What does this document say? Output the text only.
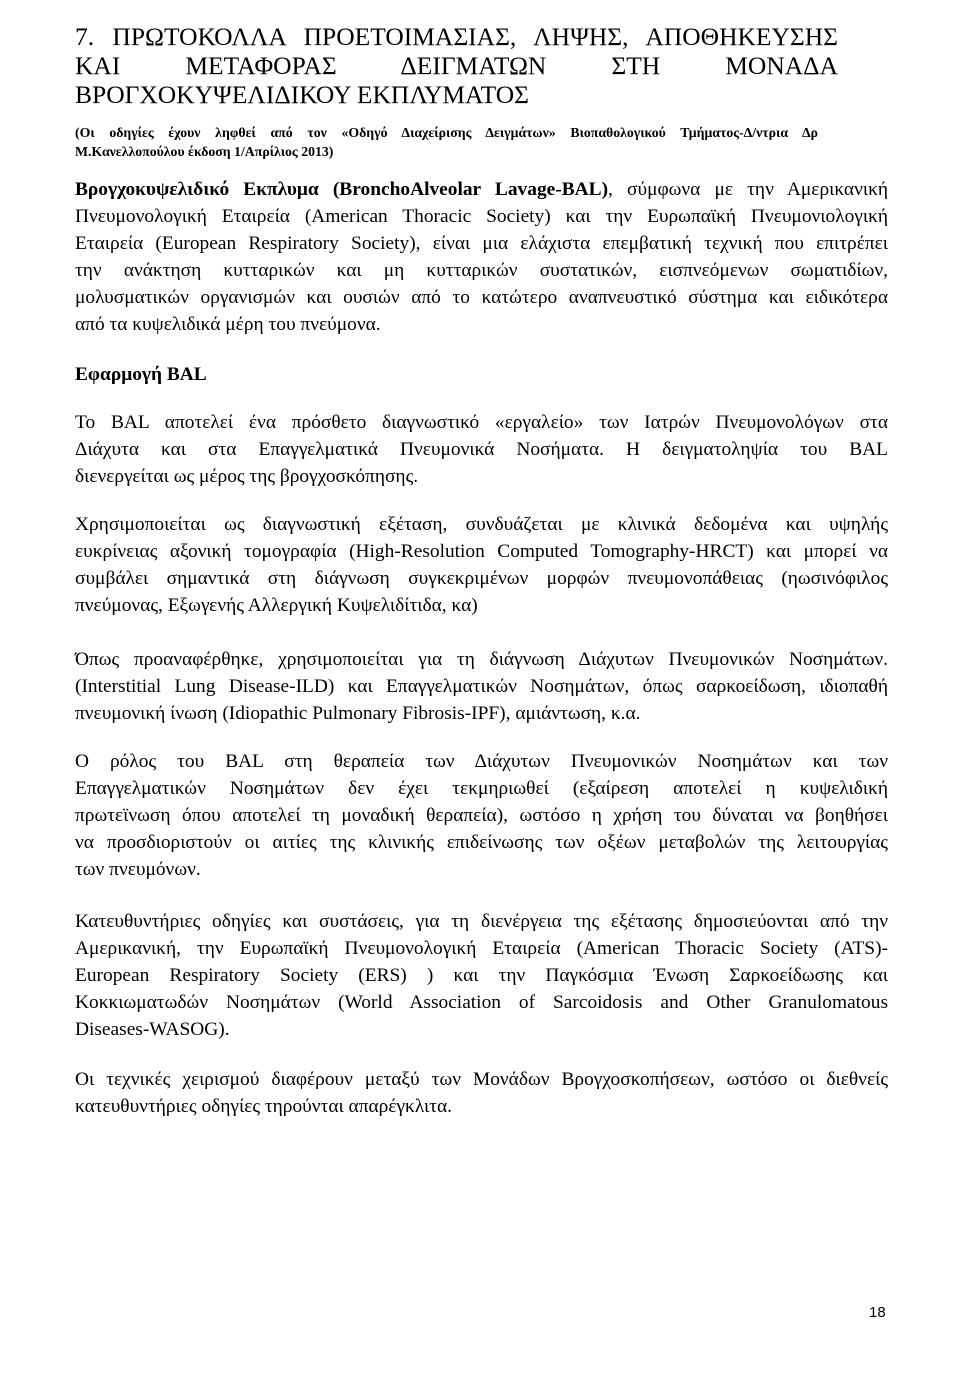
7. ΠΡΩΤΟΚΟΛΛΑ ΠΡΟΕΤΟΙΜΑΣΙΑΣ, ΛΗΨΗΣ, ΑΠΟΘΗΚΕΥΣΗΣ
ΚΑΙ ΜΕΤΑΦΟΡΑΣ ΔΕΙΓΜΑΤΩΝ ΣΤΗ ΜΟΝΑΔΑ
ΒΡΟΓΧΟΚΥΨΕΛΙΔΙΚΟΥ ΕΚΠΛΥΜΑΤΟΣ
(Οι οδηγίες έχουν ληφθεί από τον «Οδηγό Διαχείρισης Δειγμάτων» Βιοπαθολογικού Τμήματος-Δ/ντρια Δρ
Μ.Κανελλοπούλου έκδοση 1/Απρίλιος 2013)
Βρογχοκυψελιδικό Εκπλυμα (BronchoAlveolar Lavage-BAL), σύμφωνα με την Αμερικανική
Πνευμονολογική Εταιρεία (American Thoracic Society) και την Ευρωπαϊκή Πνευμονιολογική
Εταιρεία (European Respiratory Society), είναι μια ελάχιστα επεμβατική τεχνική που επιτρέπει
την ανάκτηση κυτταρικών και μη κυτταρικών συστατικών, εισπνεόμενων σωματιδίων,
μολυσματικών οργανισμών και ουσιών από το κατώτερο αναπνευστικό σύστημα και ειδικότερα
από τα κυψελιδικά μέρη του πνεύμονα.
Εφαρμογή BAL
Το BAL αποτελεί ένα πρόσθετο διαγνωστικό «εργαλείο» των Ιατρών Πνευμονολόγων στα
Διάχυτα και στα Επαγγελματικά Πνευμονικά Νοσήματα. Η δειγματοληψία του BAL
διενεργείται ως μέρος της βρογχοσκόπησης.
Χρησιμοποιείται ως διαγνωστική εξέταση, συνδυάζεται με κλινικά δεδομένα και υψηλής
ευκρίνειας αξονική τομογραφία (High-Resolution Computed Tomography-HRCT) και μπορεί να
συμβάλει σημαντικά στη διάγνωση συγκεκριμένων μορφών πνευμονοπάθειας (ηωσινόφιλος
πνεύμονας, Εξωγενής Αλλεργική Κυψελιδίτιδα, κα)
Όπως προαναφέρθηκε, χρησιμοποιείται για τη διάγνωση Διάχυτων Πνευμονικών Νοσημάτων.
(Interstitial Lung Disease-ILD) και Επαγγελματικών Νοσημάτων, όπως σαρκοείδωση, ιδιοπαθή
πνευμονική ίνωση (Idiopathic Pulmonary Fibrosis-IPF), αμιάντωση, κ.α.
Ο ρόλος του BAL στη θεραπεία των Διάχυτων Πνευμονικών Νοσημάτων και των
Επαγγελματικών Νοσημάτων δεν έχει τεκμηριωθεί (εξαίρεση αποτελεί η κυψελιδική
πρωτεϊνωση όπου αποτελεί τη μοναδική θεραπεία), ωστόσο η χρήση του δύναται να βοηθήσει
να προσδιοριστούν οι αιτίες της κλινικής επιδείνωσης των οξέων μεταβολών της λειτουργίας
των πνευμόνων.
Κατευθυντήριες οδηγίες και συστάσεις, για τη διενέργεια της εξέτασης δημοσιεύονται από την
Αμερικανική, την Ευρωπαϊκή Πνευμονολογική Εταιρεία (American Thoracic Society (ATS)-
European Respiratory Society (ERS) ) και την Παγκόσμια Ένωση Σαρκοείδωσης και
Κοκκιωματωδών Νοσημάτων (World Association of Sarcoidosis and Other Granulomatous
Diseases-WASOG).
Οι τεχνικές χειρισμού διαφέρουν μεταξύ των Μονάδων Βρογχοσκοπήσεων, ωστόσο οι διεθνείς
κατευθυντήριες οδηγίες τηρούνται απαρέγκλιτα.
18
